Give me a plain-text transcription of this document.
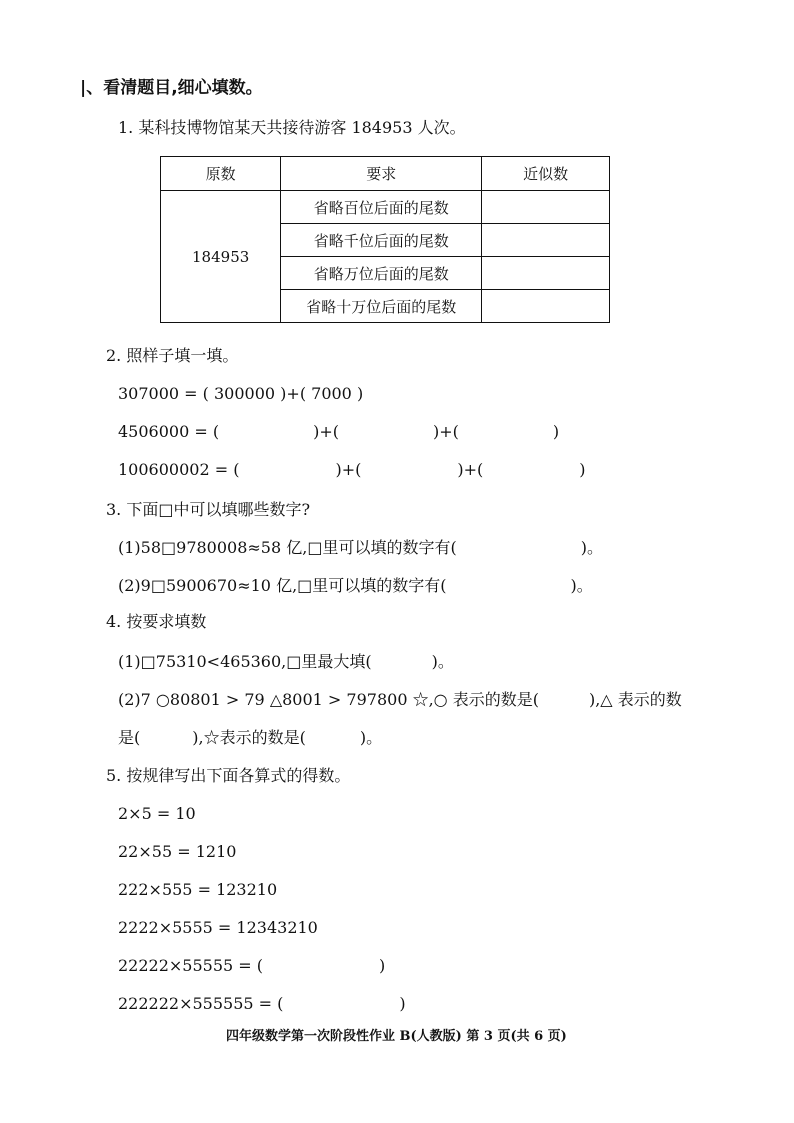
|、看清题目,细心填数。
1. 某科技博物馆某天共接待游客 184953 人次。
原数	要求	近似数
184953	省略百位后面的尾数	
	省略千位后面的尾数	
	省略万位后面的尾数	
	省略十万位后面的尾数	
2. 照样子填一填。
307000 = ( 300000 )+( 7000 )
4506000 = (	)+(	)+(	)
100600002 = (	)+(	)+(	)
3. 下面□中可以填哪些数字?
(1)58□9780008≈58 亿,□里可以填的数字有(	)。
(2)9□5900670≈10 亿,□里可以填的数字有(	)。
4. 按要求填数
(1)□75310<465360,□里最大填(	)。
(2)7 ○80801 > 79 △8001 > 797800 ☆,○ 表示的数是(	),△ 表示的数
是(	),☆表示的数是(	)。
5. 按规律写出下面各算式的得数。
2×5 = 10
22×55 = 1210
222×555 = 123210
2222×5555 = 12343210
22222×55555 = (	)
222222×555555 = (	)
四年级数学第一次阶段性作业 B(人教版) 第 3 页(共 6 页)
